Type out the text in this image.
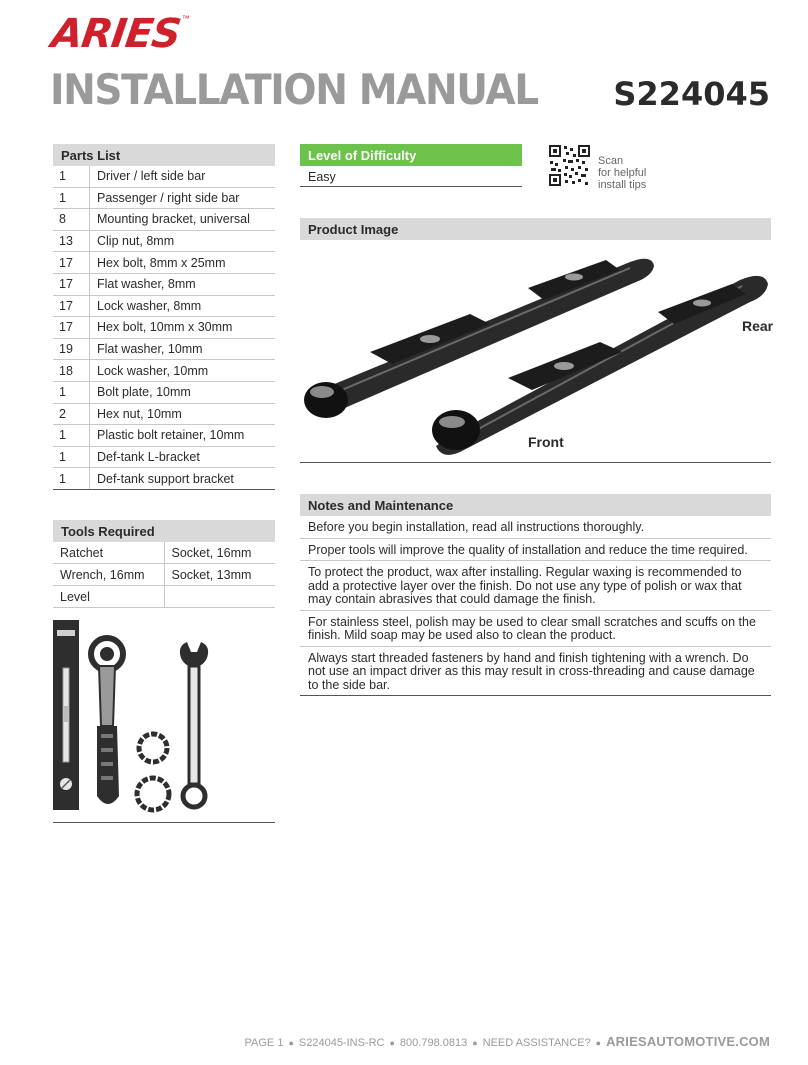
ARIES™
INSTALLATION MANUAL S224045
Parts List
1	Driver / left side bar
1	Passenger / right side bar
8	Mounting bracket, universal
13	Clip nut, 8mm
17	Hex bolt, 8mm x 25mm
17	Flat washer, 8mm
17	Lock washer, 8mm
17	Hex bolt, 10mm x 30mm
19	Flat washer, 10mm
18	Lock washer, 10mm
1	Bolt plate, 10mm
2	Hex nut, 10mm
1	Plastic bolt retainer, 10mm
1	Def-tank L-bracket
1	Def-tank support bracket
Tools Required
Ratchet	Socket, 16mm
Wrench, 16mm	Socket, 13mm
Level	
Level of Difficulty
Easy
Scan
for helpful
install tips
Product Image
Rear
Front
Notes and Maintenance
Before you begin installation, read all instructions thoroughly.
Proper tools will improve the quality of installation and reduce the time required.
To protect the product, wax after installing. Regular waxing is recommended to add a protective layer over the finish. Do not use any type of polish or wax that may contain abrasives that could damage the finish.
For stainless steel, polish may be used to clear small scratches and scuffs on the finish. Mild soap may be used also to clean the product.
Always start threaded fasteners by hand and finish tightening with a wrench. Do not use an impact driver as this may result in cross-threading and cause damage to the side bar.
PAGE 1 ● S224045-INS-RC ● 800.798.0813 ● NEED ASSISTANCE? ● ARIESAUTOMOTIVE.COM
